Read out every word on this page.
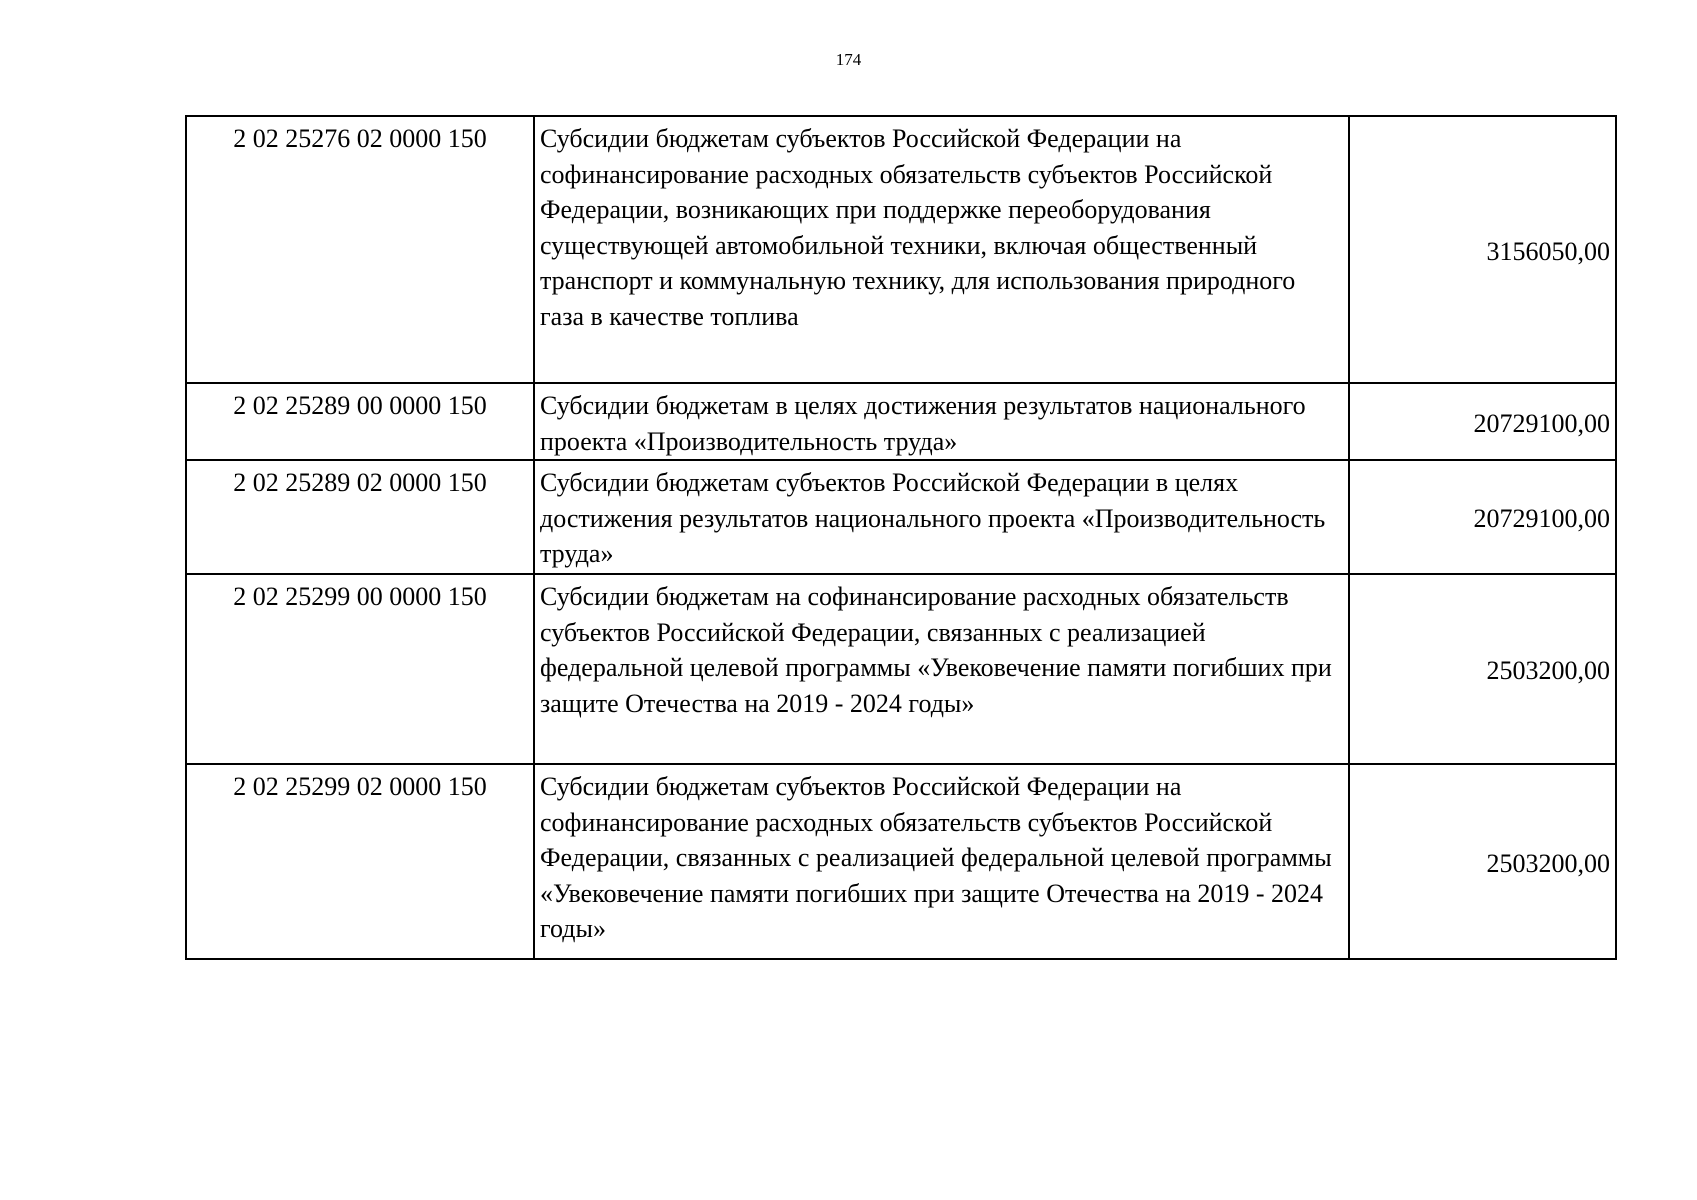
174
2 02 25276 02 0000 150	Субсидии бюджетам субъектов Российской Федерации на софинансирование расходных обязательств субъектов Российской Федерации, возникающих при поддержке переоборудования существующей автомобильной техники, включая общественный транспорт и коммунальную технику, для использования природного газа в качестве топлива	3156050,00
2 02 25289 00 0000 150	Субсидии бюджетам в целях достижения результатов национального проекта «Производительность труда»	20729100,00
2 02 25289 02 0000 150	Субсидии бюджетам субъектов Российской Федерации в целях достижения результатов национального проекта «Производительность труда»	20729100,00
2 02 25299 00 0000 150	Субсидии бюджетам на софинансирование расходных обязательств субъектов Российской Федерации, связанных с реализацией федеральной целевой программы «Увековечение памяти погибших при защите Отечества на 2019 - 2024 годы»	2503200,00
2 02 25299 02 0000 150	Субсидии бюджетам субъектов Российской Федерации на софинансирование расходных обязательств субъектов Российской Федерации, связанных с реализацией федеральной целевой программы «Увековечение памяти погибших при защите Отечества на 2019 - 2024 годы»	2503200,00
